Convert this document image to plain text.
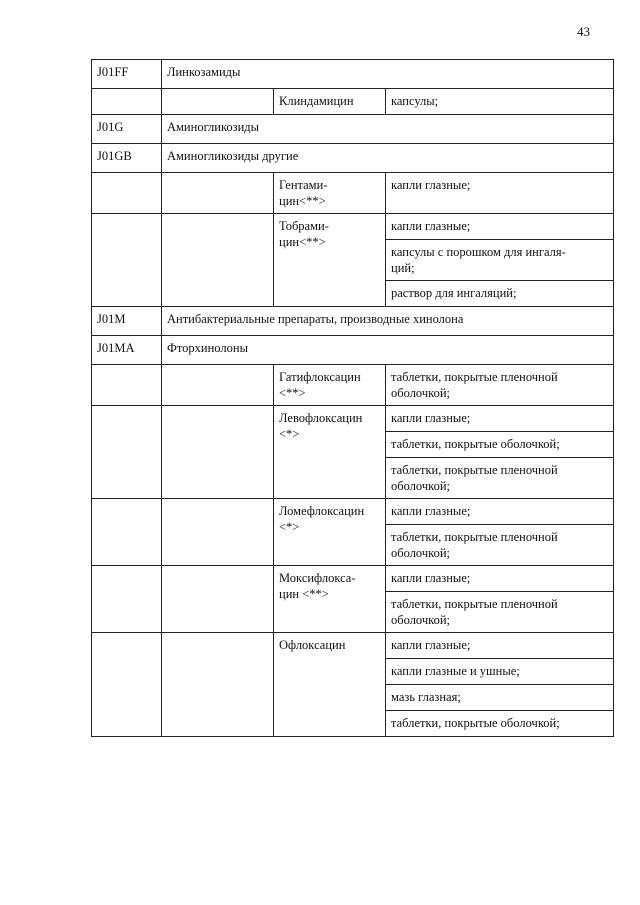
43
J01FF	Линкозамиды		
		Клиндамицин	капсулы;
J01G	Аминогликозиды		
J01GB	Аминогликозиды другие		
		Гентами-
цин<**>	капли глазные;
		Тобрами-
цин<**>	капли глазные;
			капсулы с порошком для ингаля-
ций;
			раствор для ингаляций;
J01M	Антибактериальные препараты, производные хинолона		
J01MA	Фторхинолоны		
		Гатифлоксацин
<**>	таблетки, покрытые пленочной
оболочкой;
		Левофлоксацин
<*>	капли глазные;
			таблетки, покрытые оболочкой;
			таблетки, покрытые пленочной
оболочкой;
		Ломефлоксацин
<*>	капли глазные;
			таблетки, покрытые пленочной
оболочкой;
		Моксифлокса-
цин <**>	капли глазные;
			таблетки, покрытые пленочной
оболочкой;
		Офлоксацин	капли глазные;
			капли глазные и ушные;
			мазь глазная;
			таблетки, покрытые оболочкой;
